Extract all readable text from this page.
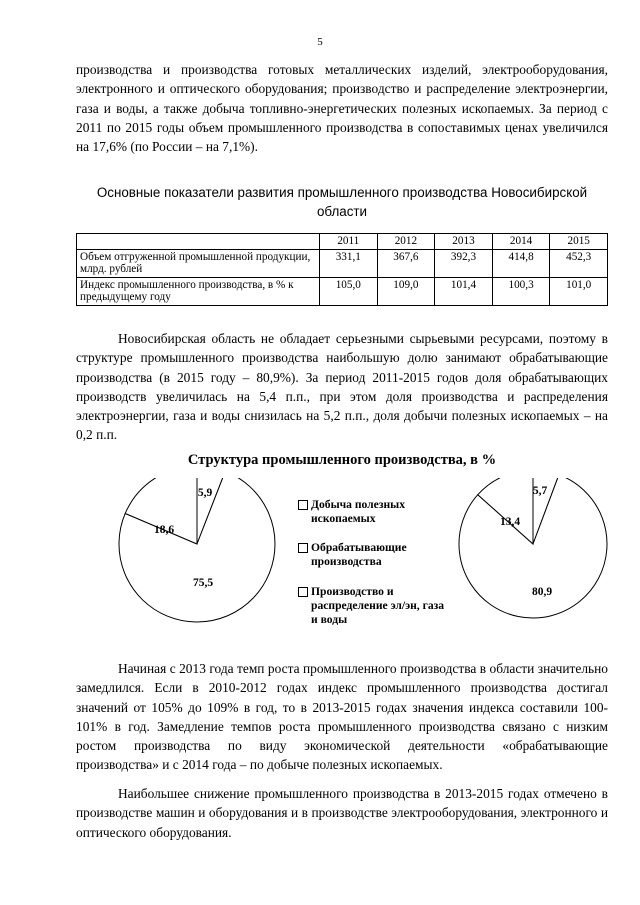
5
производства и производства готовых металлических изделий, электрооборудования, электронного и оптического оборудования; производство и распределение электроэнергии, газа и воды, а также добыча топливно-энергетических полезных ископаемых. За период с 2011 по 2015 годы объем промышленного производства в сопоставимых ценах увеличился на 17,6% (по России – на 7,1%).
Основные показатели развития промышленного производства Новосибирской области
	2011	2012	2013	2014	2015
Объем отгруженной промышленной продукции, млрд. рублей	331,1	367,6	392,3	414,8	452,3
Индекс промышленного производства, в % к предыдущему году	105,0	109,0	101,4	100,3	101,0
Новосибирская область не обладает серьезными сырьевыми ресурсами, поэтому в структуре промышленного производства наибольшую долю занимают обрабатывающие производства (в 2015 году – 80,9%). За период 2011-2015 годов доля обрабатывающих производств увеличилась на 5,4 п.п., при этом доля производства и распределения электроэнергии, газа и воды снизилась на 5,2 п.п., доля добычи полезных ископаемых – на 0,2 п.п.
Структура промышленного производства, в %
5,9
75,5
18,6
5,7
80,9
13,4
Добыча полезных ископаемых
Обрабатывающие производства
Производство и распределение эл/эн, газа и воды
Начиная с 2013 года темп роста промышленного производства в области значительно замедлился. Если в 2010-2012 годах индекс промышленного производства достигал значений от 105% до 109% в год, то в 2013-2015 годах значения индекса составили 100-101% в год. Замедление темпов роста промышленного производства связано с низким ростом производства по виду экономической деятельности «обрабатывающие производства» и с 2014 года – по добыче полезных ископаемых.
Наибольшее снижение промышленного производства в 2013-2015 годах отмечено в производстве машин и оборудования и в производстве электрооборудования, электронного и оптического оборудования.
